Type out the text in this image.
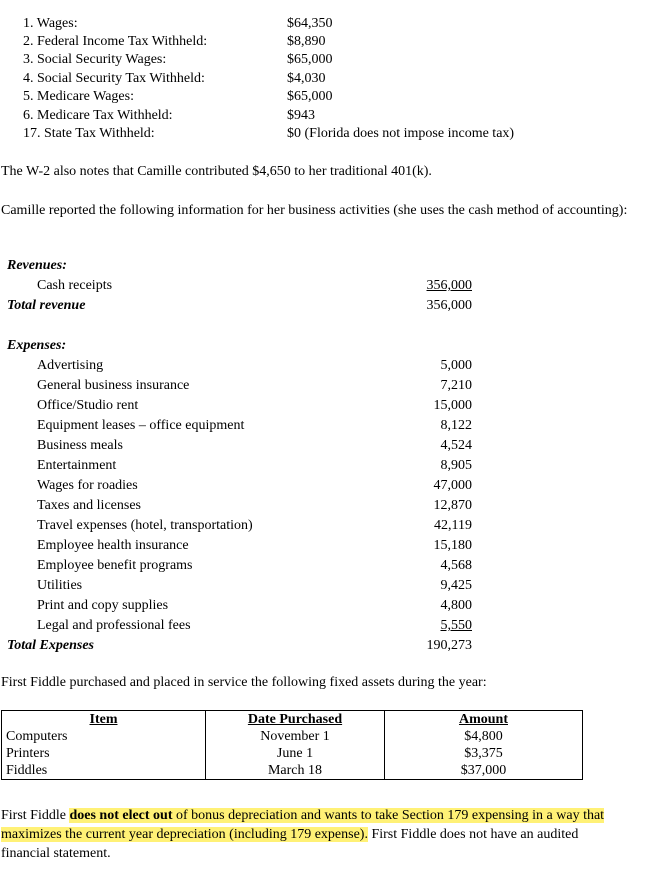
1. Wages:	$64,350
2. Federal Income Tax Withheld:	$8,890
3. Social Security Wages:	$65,000
4. Social Security Tax Withheld:	$4,030
5. Medicare Wages:	$65,000
6. Medicare Tax Withheld:	$943
17. State Tax Withheld:	$0 (Florida does not impose income tax)
The W-2 also notes that Camille contributed $4,650 to her traditional 401(k).
Camille reported the following information for her business activities (she uses the cash method of accounting):
Revenues:
Cash receipts	356,000
Total revenue	356,000
Expenses:
Advertising	5,000
General business insurance	7,210
Office/Studio rent	15,000
Equipment leases – office equipment	8,122
Business meals	4,524
Entertainment	8,905
Wages for roadies	47,000
Taxes and licenses	12,870
Travel expenses (hotel, transportation)	42,119
Employee health insurance	15,180
Employee benefit programs	4,568
Utilities	9,425
Print and copy supplies	4,800
Legal and professional fees	5,550
Total Expenses	190,273
First Fiddle purchased and placed in service the following fixed assets during the year:
Item	Date Purchased	Amount
Computers	November 1	$4,800
Printers	June 1	$3,375
Fiddles	March 18	$37,000
First Fiddle does not elect out of bonus depreciation and wants to take Section 179 expensing in a way that maximizes the current year depreciation (including 179 expense). First Fiddle does not have an audited financial statement.
